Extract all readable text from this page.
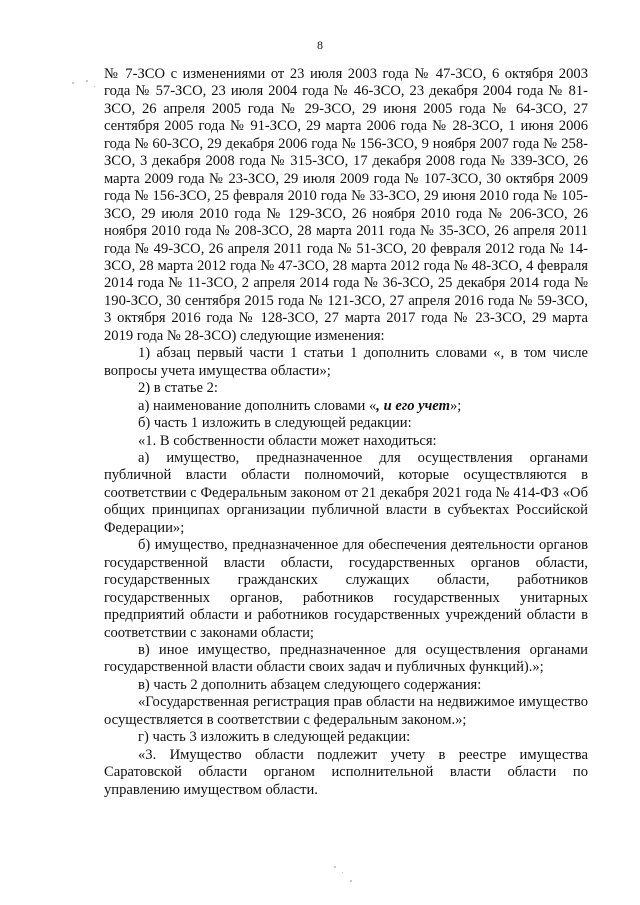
8

№ 7-ЗСО с изменениями от 23 июля 2003 года № 47-ЗСО, 6 октября 2003 года № 57-ЗСО, 23 июля 2004 года № 46-ЗСО, 23 декабря 2004 года № 81-ЗСО, 26 апреля 2005 года № 29-ЗСО, 29 июня 2005 года № 64-ЗСО, 27 сентября 2005 года № 91-ЗСО, 29 марта 2006 года № 28-ЗСО, 1 июня 2006 года № 60-ЗСО, 29 декабря 2006 года № 156-ЗСО, 9 ноября 2007 года № 258-ЗСО, 3 декабря 2008 года № 315-ЗСО, 17 декабря 2008 года № 339-ЗСО, 26 марта 2009 года № 23-ЗСО, 29 июля 2009 года № 107-ЗСО, 30 октября 2009 года № 156-ЗСО, 25 февраля 2010 года № 33-ЗСО, 29 июня 2010 года № 105-ЗСО, 29 июля 2010 года № 129-ЗСО, 26 ноября 2010 года № 206-ЗСО, 26 ноября 2010 года № 208-ЗСО, 28 марта 2011 года № 35-ЗСО, 26 апреля 2011 года № 49-ЗСО, 26 апреля 2011 года № 51-ЗСО, 20 февраля 2012 года № 14-ЗСО, 28 марта 2012 года № 47-ЗСО, 28 марта 2012 года № 48-ЗСО, 4 февраля 2014 года № 11-ЗСО, 2 апреля 2014 года № 36-ЗСО, 25 декабря 2014 года № 190-ЗСО, 30 сентября 2015 года № 121-ЗСО, 27 апреля 2016 года № 59-ЗСО, 3 октября 2016 года № 128-ЗСО, 27 марта 2017 года № 23-ЗСО, 29 марта 2019 года № 28-ЗСО) следующие изменения:

1) абзац первый части 1 статьи 1 дополнить словами «, в том числе вопросы учета имущества области»;

2) в статье 2:

а) наименование дополнить словами «, и его учет»;

б) часть 1 изложить в следующей редакции:

«1. В собственности области может находиться:

а) имущество, предназначенное для осуществления органами публичной власти области полномочий, которые осуществляются в соответствии с Федеральным законом от 21 декабря 2021 года № 414-ФЗ «Об общих принципах организации публичной власти в субъектах Российской Федерации»;

б) имущество, предназначенное для обеспечения деятельности органов государственной власти области, государственных органов области, государственных гражданских служащих области, работников государственных органов, работников государственных унитарных предприятий области и работников государственных учреждений области в соответствии с законами области;

в) иное имущество, предназначенное для осуществления органами государственной власти области своих задач и публичных функций).»;

в) часть 2 дополнить абзацем следующего содержания:

«Государственная регистрация прав области на недвижимое имущество осуществляется в соответствии с федеральным законом.»;

г) часть 3 изложить в следующей редакции:

«3. Имущество области подлежит учету в реестре имущества Саратовской области органом исполнительной власти области по управлению имуществом области.
